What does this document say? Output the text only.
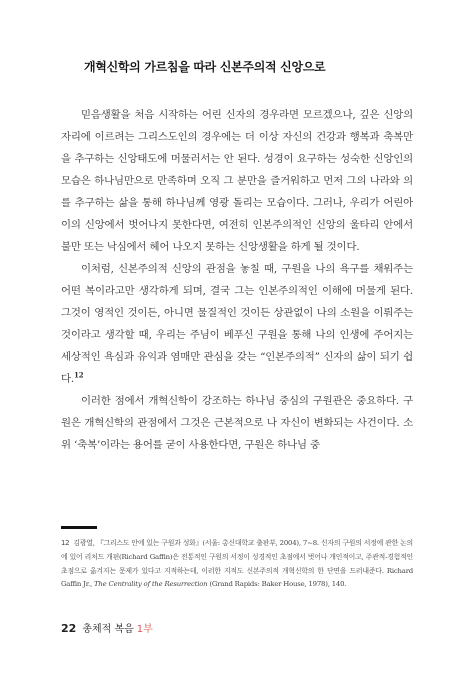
개혁신학의 가르침을 따라 신본주의적 신앙으로

믿음생활을 처음 시작하는 어린 신자의 경우라면 모르겠으나, 깊은 신앙의 자리에 이르려는 그리스도인의 경우에는 더 이상 자신의 건강과 행복과 축복만을 추구하는 신앙태도에 머물러서는 안 된다. 성경이 요구하는 성숙한 신앙인의 모습은 하나님만으로 만족하며 오직 그 분만을 즐거워하고 먼저 그의 나라와 의를 추구하는 삶을 통해 하나님께 영광 돌리는 모습이다. 그러나, 우리가 어린아이의 신앙에서 벗어나지 못한다면, 여전히 인본주의적인 신앙의 울타리 안에서 불만 또는 낙심에서 헤어 나오지 못하는 신앙생활을 하게 될 것이다.

이처럼, 신본주의적 신앙의 관점을 놓칠 때, 구원을 나의 욕구를 채워주는 어떤 복이라고만 생각하게 되며, 결국 그는 인본주의적인 이해에 머물게 된다. 그것이 영적인 것이든, 아니면 물질적인 것이든 상관없이 나의 소원을 이뤄주는 것이라고 생각할 때, 우리는 주님이 베푸신 구원을 통해 나의 인생에 주어지는 세상적인 욕심과 유익과 염매만 관심을 갖는 “인본주의적” 신자의 삶이 되기 쉽다.$^{12}$

이러한 점에서 개혁신학이 강조하는 하나님 중심의 구원관은 중요하다. 구원은 개혁신학의 관점에서 그것은 근본적으로 나 자신이 변화되는 사건이다. 소위 ‘축복’이라는 용어를 굳이 사용한다면, 구원은 하나님 중

12 김광열, 『그리스도 안에 있는 구원과 성화』(서울: 총신대학교 출판부, 2004), 7~8. 신자의 구원의 서정에 관한 논의에 있어 리처드 개핀(Richard Gaffin)은 전통적인 구원의 서정이 성경적인 초점에서 벗어나 개인적이고, 주관적-경험적인 초점으로 옮겨지는 문제가 있다고 지적하는데, 이러한 지적도 신본주의적 개혁신학의 한 단면을 드러내준다. Richard Gaffin Jr., The Centrality of the Resurrection (Grand Rapids: Baker House, 1978), 140.
22 총체적 복음 1부
